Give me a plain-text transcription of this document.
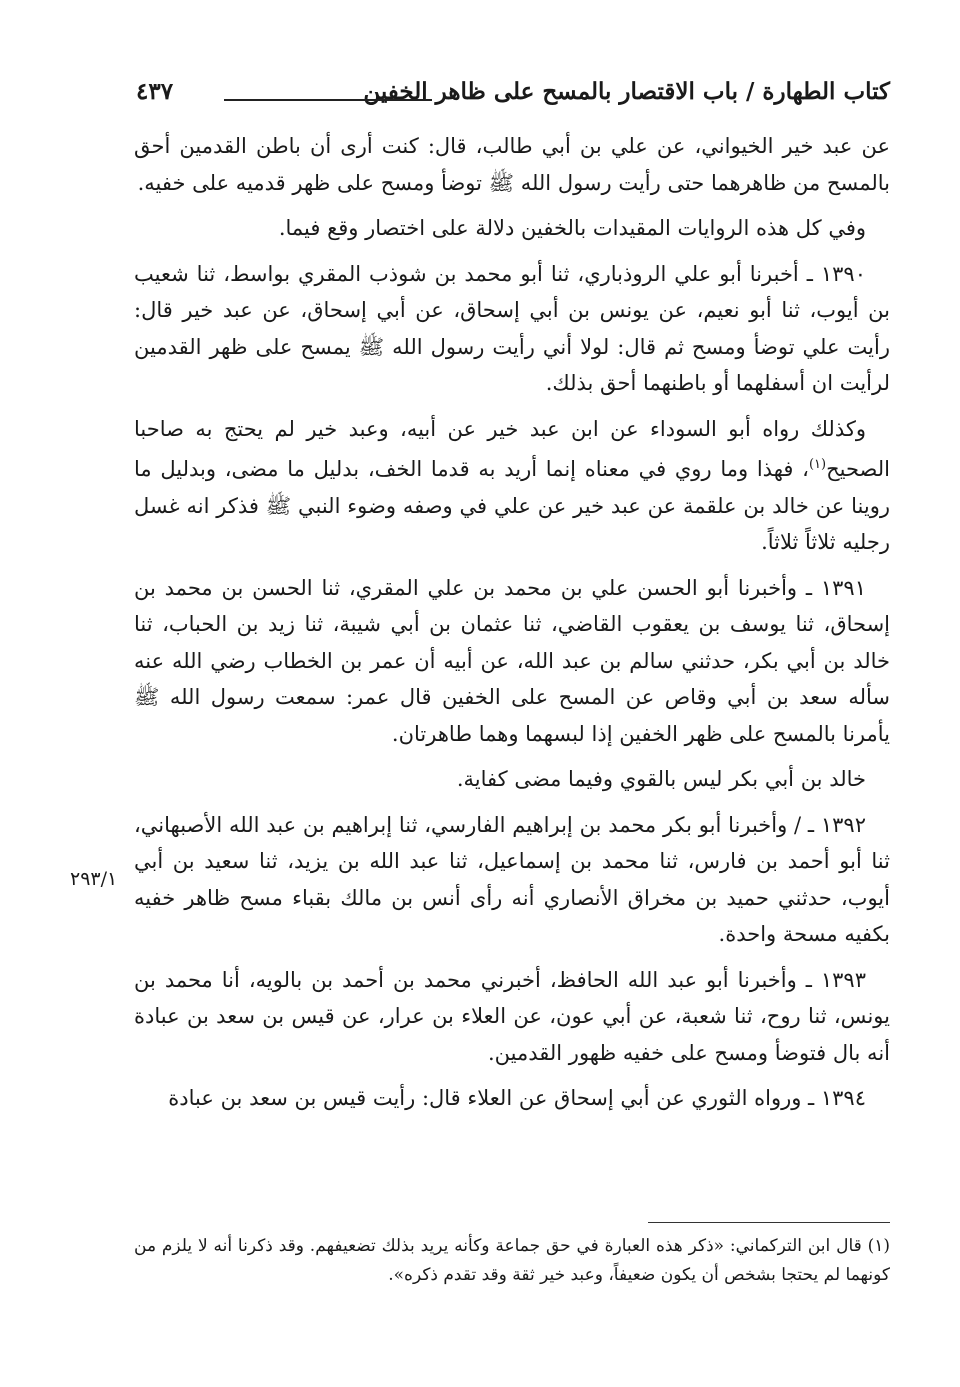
كتاب الطهارة / باب الاقتصار بالمسح على ظاهر الخفين
٤٣٧

عن عبد خير الخيواني، عن علي بن أبي طالب، قال: كنت أرى أن باطن القدمين أحق بالمسح من ظاهرهما حتى رأيت رسول الله ﷺ توضأ ومسح على ظهر قدميه على خفيه.

وفي كل هذه الروايات المقيدات بالخفين دلالة على اختصار وقع فيما.

١٣٩٠ ـ أخبرنا أبو علي الروذباري، ثنا أبو محمد بن شوذب المقري بواسط، ثنا شعيب بن أيوب، ثنا أبو نعيم، عن يونس بن أبي إسحاق، عن أبي إسحاق، عن عبد خير قال: رأيت علي توضأ ومسح ثم قال: لولا أني رأيت رسول الله ﷺ يمسح على ظهر القدمين لرأيت ان أسفلهما أو باطنهما أحق بذلك.

وكذلك رواه أبو السوداء عن ابن عبد خير عن أبيه، وعبد خير لم يحتج به صاحبا الصحيح$^{(١)}$، فهذا وما روي في معناه إنما أريد به قدما الخف، بدليل ما مضى، وبدليل ما روينا عن خالد بن علقمة عن عبد خير عن علي في وصفه وضوء النبي ﷺ فذكر انه غسل رجليه ثلاثاً ثلاثاً.

١٣٩١ ـ وأخبرنا أبو الحسن علي بن محمد بن علي المقري، ثنا الحسن بن محمد بن إسحاق، ثنا يوسف بن يعقوب القاضي، ثنا عثمان بن أبي شيبة، ثنا زيد بن الحباب، ثنا خالد بن أبي بكر، حدثني سالم بن عبد الله، عن أبيه أن عمر بن الخطاب رضي الله عنه سأله سعد بن أبي وقاص عن المسح على الخفين قال عمر: سمعت رسول الله ﷺ يأمرنا بالمسح على ظهر الخفين إذا لبسهما وهما طاهرتان.

خالد بن أبي بكر ليس بالقوي وفيما مضى كفاية.

١٣٩٢ ـ / وأخبرنا أبو بكر محمد بن إبراهيم الفارسي، ثنا إبراهيم بن عبد الله الأصبهاني، ثنا أبو أحمد بن فارس، ثنا محمد بن إسماعيل، ثنا عبد الله بن يزيد، ثنا سعيد بن أبي أيوب، حدثني حميد بن مخراق الأنصاري أنه رأى أنس بن مالك بقباء مسح ظاهر خفيه بكفيه مسحة واحدة.

١٣٩٣ ـ وأخبرنا أبو عبد الله الحافظ، أخبرني محمد بن أحمد بن بالويه، أنا محمد بن يونس، ثنا روح، ثنا شعبة، عن أبي عون، عن العلاء بن عرار، عن قيس بن سعد بن عبادة أنه بال فتوضأ ومسح على خفيه ظهور القدمين.

١٣٩٤ ـ ورواه الثوري عن أبي إسحاق عن العلاء قال: رأيت قيس بن سعد بن عبادة

٢٩٣/١

(١) قال ابن التركماني: «ذكر هذه العبارة في حق جماعة وكأنه يريد بذلك تضعيفهم. وقد ذكرنا أنه لا يلزم من كونهما لم يحتجا بشخص أن يكون ضعيفاً، وعبد خير ثقة وقد تقدم ذكره».
